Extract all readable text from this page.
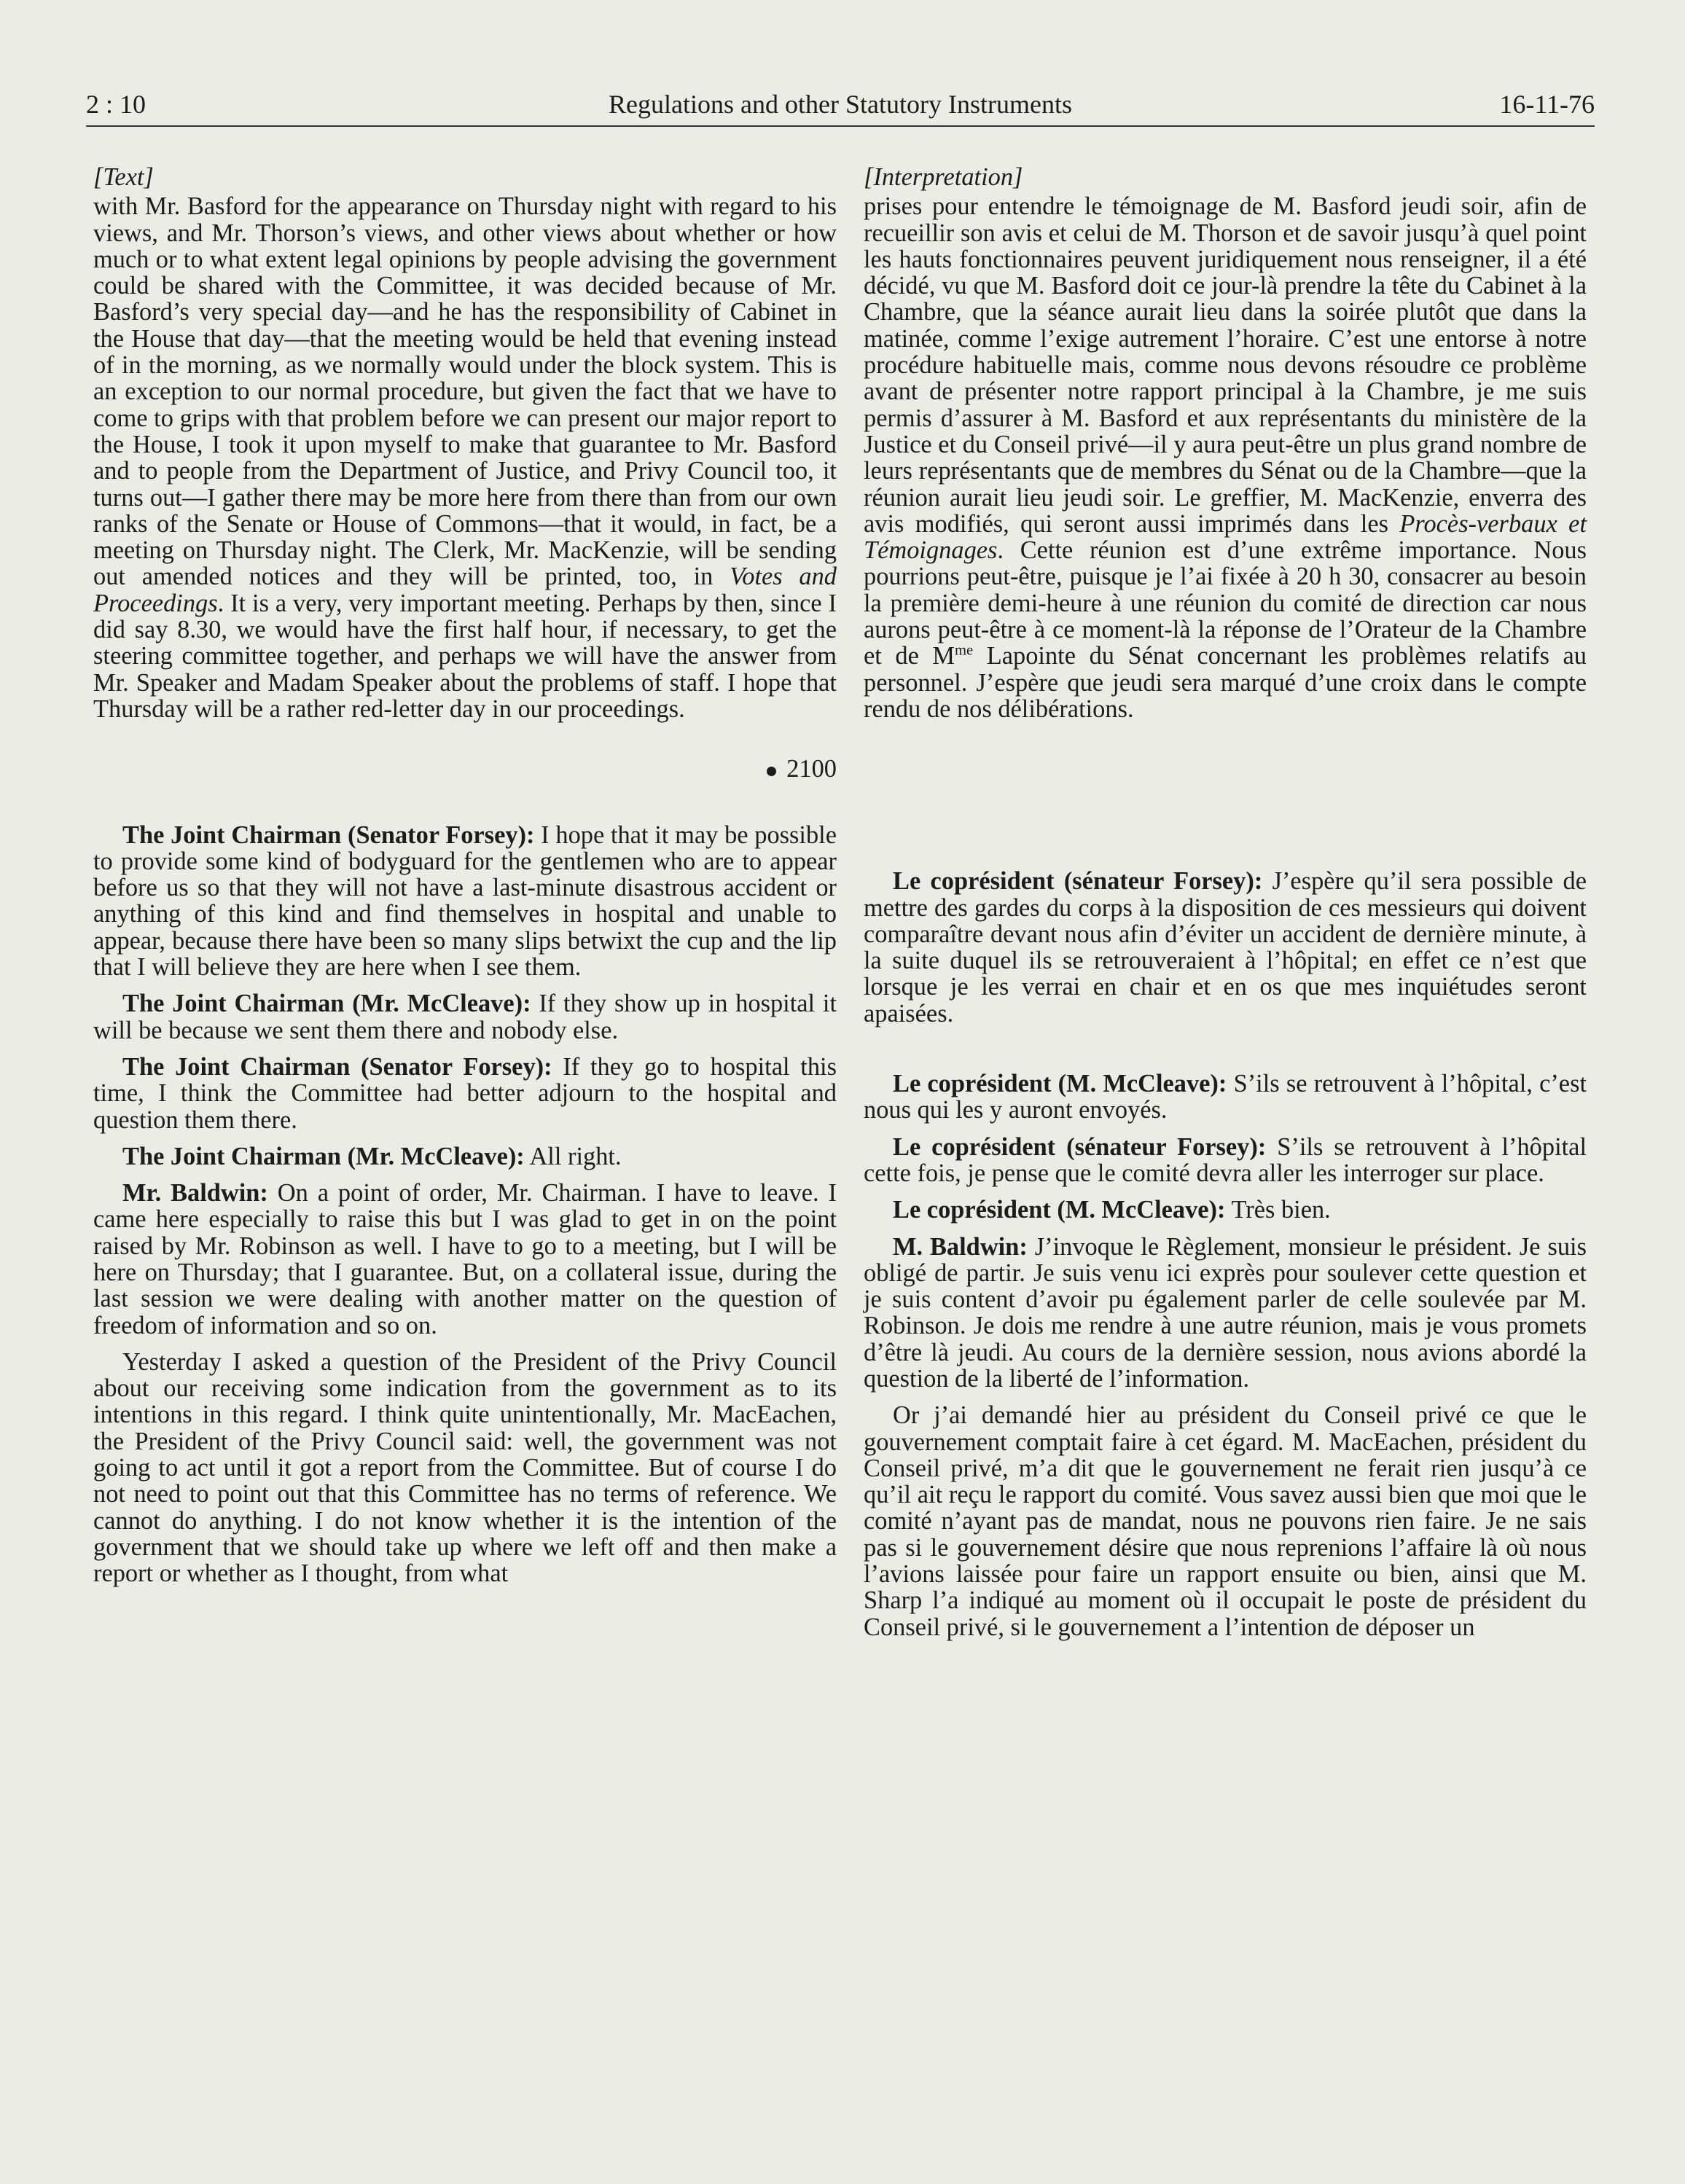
2 : 10	Regulations and other Statutory Instruments	16-11-76
[Text]

with Mr. Basford for the appearance on Thursday night with regard to his views, and Mr. Thorson’s views, and other views about whether or how much or to what extent legal opinions by people advising the government could be shared with the Committee, it was decided because of Mr. Basford’s very special day—and he has the responsibility of Cabinet in the House that day—that the meeting would be held that evening instead of in the morning, as we normally would under the block system. This is an exception to our normal procedure, but given the fact that we have to come to grips with that problem before we can present our major report to the House, I took it upon myself to make that guarantee to Mr. Basford and to people from the Department of Justice, and Privy Council too, it turns out—I gather there may be more here from there than from our own ranks of the Senate or House of Commons—that it would, in fact, be a meeting on Thursday night. The Clerk, Mr. MacKenzie, will be sending out amended notices and they will be printed, too, in Votes and Proceedings. It is a very, very important meeting. Perhaps by then, since I did say 8.30, we would have the first half hour, if necessary, to get the steering committee together, and perhaps we will have the answer from Mr. Speaker and Madam Speaker about the problems of staff. I hope that Thursday will be a rather red-letter day in our proceedings.

2100

The Joint Chairman (Senator Forsey): I hope that it may be possible to provide some kind of bodyguard for the gentlemen who are to appear before us so that they will not have a last-minute disastrous accident or anything of this kind and find themselves in hospital and unable to appear, because there have been so many slips betwixt the cup and the lip that I will believe they are here when I see them.

The Joint Chairman (Mr. McCleave): If they show up in hospital it will be because we sent them there and nobody else.

The Joint Chairman (Senator Forsey): If they go to hospital this time, I think the Committee had better adjourn to the hospital and question them there.

The Joint Chairman (Mr. McCleave): All right.

Mr. Baldwin: On a point of order, Mr. Chairman. I have to leave. I came here especially to raise this but I was glad to get in on the point raised by Mr. Robinson as well. I have to go to a meeting, but I will be here on Thursday; that I guarantee. But, on a collateral issue, during the last session we were dealing with another matter on the question of freedom of information and so on.

Yesterday I asked a question of the President of the Privy Council about our receiving some indication from the government as to its intentions in this regard. I think quite unintentionally, Mr. MacEachen, the President of the Privy Council said: well, the government was not going to act until it got a report from the Committee. But of course I do not need to point out that this Committee has no terms of reference. We cannot do anything. I do not know whether it is the intention of the government that we should take up where we left off and then make a report or whether as I thought, from what

[Interpretation]

prises pour entendre le témoignage de M. Basford jeudi soir, afin de recueillir son avis et celui de M. Thorson et de savoir jusqu’à quel point les hauts fonctionnaires peuvent juridiquement nous renseigner, il a été décidé, vu que M. Basford doit ce jour-là prendre la tête du Cabinet à la Chambre, que la séance aurait lieu dans la soirée plutôt que dans la matinée, comme l’exige autrement l’horaire. C’est une entorse à notre procédure habituelle mais, comme nous devons résoudre ce problème avant de présenter notre rapport principal à la Chambre, je me suis permis d’assurer à M. Basford et aux représentants du ministère de la Justice et du Conseil privé—il y aura peut-être un plus grand nombre de leurs représentants que de membres du Sénat ou de la Chambre—que la réunion aurait lieu jeudi soir. Le greffier, M. MacKenzie, enverra des avis modifiés, qui seront aussi imprimés dans les Procès-verbaux et Témoignages. Cette réunion est d’une extrême importance. Nous pourrions peut-être, puisque je l’ai fixée à 20 h 30, consacrer au besoin la première demi-heure à une réunion du comité de direction car nous aurons peut-être à ce moment-là la réponse de l’Orateur de la Chambre et de $M^{me}$ Lapointe du Sénat concernant les problèmes relatifs au personnel. J’espère que jeudi sera marqué d’une croix dans le compte rendu de nos délibérations.

Le coprésident (sénateur Forsey): J’espère qu’il sera possible de mettre des gardes du corps à la disposition de ces messieurs qui doivent comparaître devant nous afin d’éviter un accident de dernière minute, à la suite duquel ils se retrouveraient à l’hôpital; en effet ce n’est que lorsque je les verrai en chair et en os que mes inquiétudes seront apaisées.

Le coprésident (M. McCleave): S’ils se retrouvent à l’hôpital, c’est nous qui les y auront envoyés.

Le coprésident (sénateur Forsey): S’ils se retrouvent à l’hôpital cette fois, je pense que le comité devra aller les interroger sur place.

Le coprésident (M. McCleave): Très bien.

M. Baldwin: J’invoque le Règlement, monsieur le président. Je suis obligé de partir. Je suis venu ici exprès pour soulever cette question et je suis content d’avoir pu également parler de celle soulevée par M. Robinson. Je dois me rendre à une autre réunion, mais je vous promets d’être là jeudi. Au cours de la dernière session, nous avions abordé la question de la liberté de l’information.

Or j’ai demandé hier au président du Conseil privé ce que le gouvernement comptait faire à cet égard. M. MacEachen, président du Conseil privé, m’a dit que le gouvernement ne ferait rien jusqu’à ce qu’il ait reçu le rapport du comité. Vous savez aussi bien que moi que le comité n’ayant pas de mandat, nous ne pouvons rien faire. Je ne sais pas si le gouvernement désire que nous reprenions l’affaire là où nous l’avions laissée pour faire un rapport ensuite ou bien, ainsi que M. Sharp l’a indiqué au moment où il occupait le poste de président du Conseil privé, si le gouvernement a l’intention de déposer un
